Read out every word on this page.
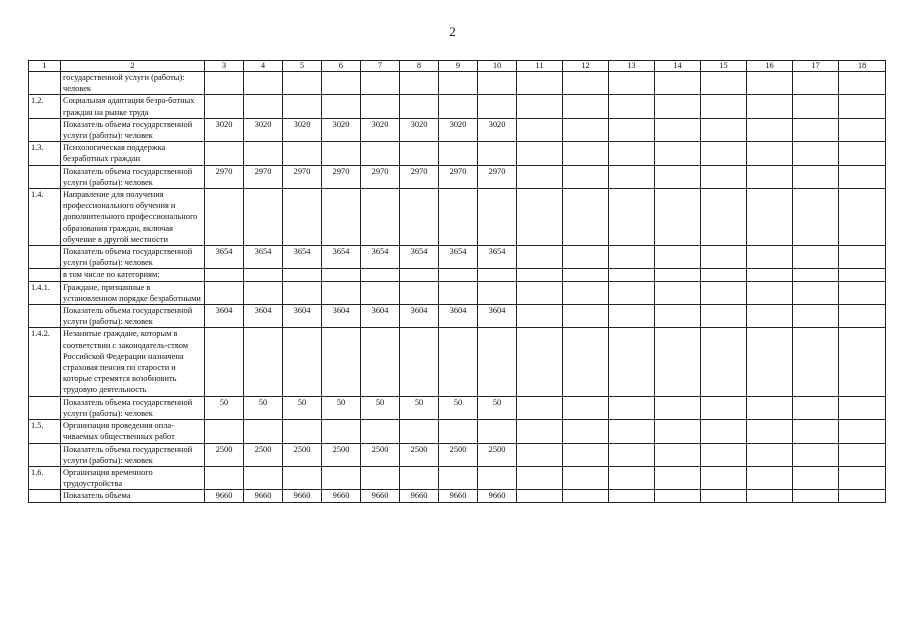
2
1	2	3	4	5	6	7	8	9	10	11	12	13	14	15	16	17	18
	государственной услуги (работы): человек																
1.2.	Социальная адаптация безра-ботных граждан на рынке труда																
	Показатель объема государственной услуги (работы): человек	3020	3020	3020	3020	3020	3020	3020	3020								
1.3.	Психологическая поддержка безработных граждан																
	Показатель объема государственной услуги (работы): человек	2970	2970	2970	2970	2970	2970	2970	2970								
1.4.	Направление для получения профессионального обучения и дополнительного профессионального образования граждан, включая обучение в другой местности																
	Показатель объема государственной услуги (работы): человек	3654	3654	3654	3654	3654	3654	3654	3654								
	в том числе по категориям:																
1.4.1.	Граждане, признанные в установленном порядке безработными																
	Показатель объема государственной услуги (работы): человек	3604	3604	3604	3604	3604	3604	3604	3604								
1.4.2.	Незанятые граждане, которым в соответствии с законодатель-ством Российской Федерации назначена страховая пенсия по старости и которые стремятся возобновить трудовую деятельность																
	Показатель объема государственной услуги (работы): человек	50	50	50	50	50	50	50	50								
1.5.	Организация проведения опла-чиваемых общественных работ																
	Показатель объема государственной услуги (работы): человек	2500	2500	2500	2500	2500	2500	2500	2500								
1.6.	Организация временного трудоустройства																
	Показатель объема	9660	9660	9660	9660	9660	9660	9660	9660								
